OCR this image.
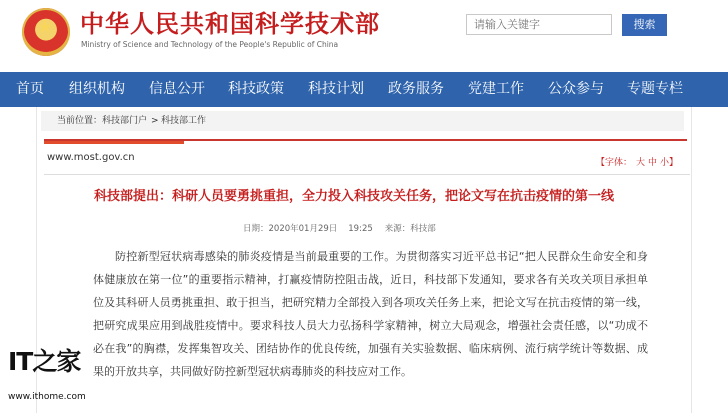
★ 中华人民共和国科学技术部
Ministry of Science and Technology of the People's Republic of China
请输入关键字	搜索
首页 组织机构 信息公开 科技政策 科技计划 政务服务 党建工作 公众参与 专题专栏
当前位置： 科技部门户 > 科技部工作
www.most.gov.cn	【字体： 大 中 小】
科技部提出：科研人员要勇挑重担，全力投入科技攻关任务，把论文写在抗击疫情的第一线
日期：2020年01月29日 19:25 来源：科技部

防控新型冠状病毒感染的肺炎疫情是当前最重要的工作。为贯彻落实习近平总书记“把人民群众生命安全和身体健康放在第一位”的重要指示精神，打赢疫情防控阻击战，近日，科技部下发通知，要求各有关攻关项目承担单位及其科研人员勇挑重担、敢于担当，把研究精力全部投入到各项攻关任务上来，把论文写在抗击疫情的第一线，把研究成果应用到战胜疫情中。要求科技人员大力弘扬科学家精神，树立大局观念，增强社会责任感，以“功成不必在我”的胸襟，发挥集智攻关、团结协作的优良传统，加强有关实验数据、临床病例、流行病学统计等数据、成果的开放共享，共同做好防控新型冠状病毒肺炎的科技应对工作。

IT之家
www.ithome.com
